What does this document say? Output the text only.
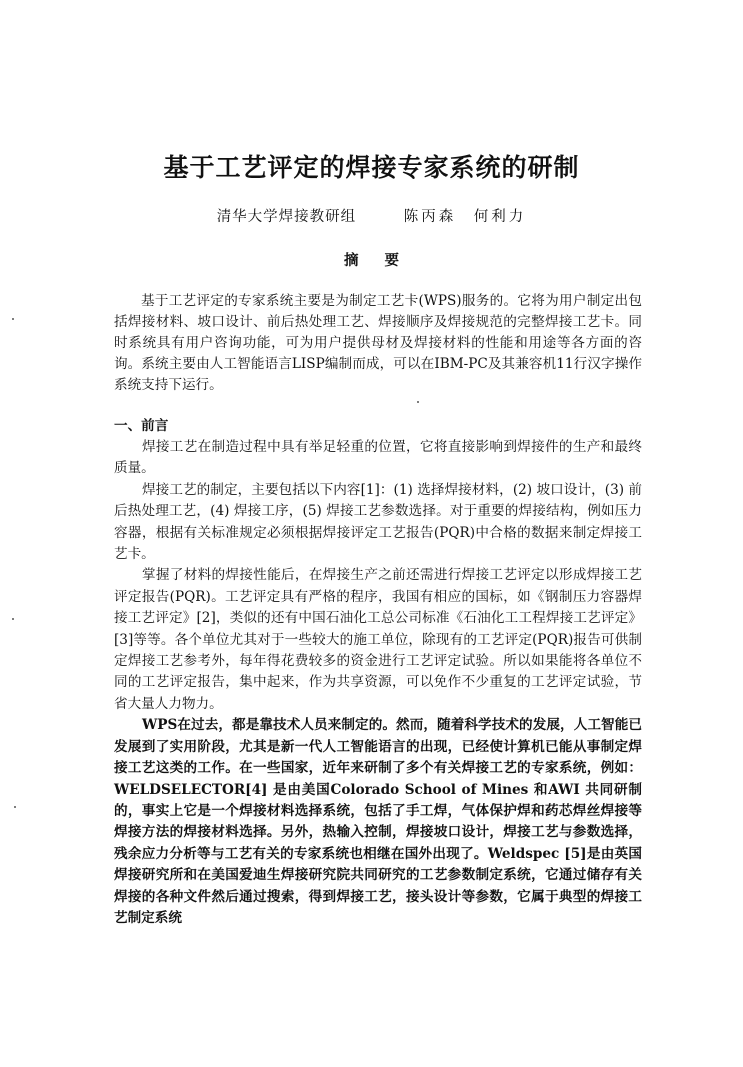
基于工艺评定的焊接专家系统的研制
清华大学焊接教研组	陈丙森　何利力
摘要

基于工艺评定的专家系统主要是为制定工艺卡(WPS)服务的。它将为用户制定出包括焊接材料、坡口设计、前后热处理工艺、焊接顺序及焊接规范的完整焊接工艺卡。同时系统具有用户咨询功能，可为用户提供母材及焊接材料的性能和用途等各方面的咨询。系统主要由人工智能语言LISP编制而成，可以在IBM-PC及其兼容机11行汉字操作系统支持下运行。

一、前言

焊接工艺在制造过程中具有举足轻重的位置，它将直接影响到焊接件的生产和最终质量。

焊接工艺的制定，主要包括以下内容[1]：(1) 选择焊接材料，(2) 坡口设计，(3) 前后热处理工艺，(4) 焊接工序，(5) 焊接工艺参数选择。对于重要的焊接结构，例如压力容器，根据有关标准规定必须根据焊接评定工艺报告(PQR)中合格的数据来制定焊接工艺卡。

掌握了材料的焊接性能后，在焊接生产之前还需进行焊接工艺评定以形成焊接工艺评定报告(PQR)。工艺评定具有严格的程序，我国有相应的国标，如《钢制压力容器焊接工艺评定》[2]，类似的还有中国石油化工总公司标准《石油化工工程焊接工艺评定》[3]等等。各个单位尤其对于一些较大的施工单位，除现有的工艺评定(PQR)报告可供制定焊接工艺参考外，每年得花费较多的资金进行工艺评定试验。所以如果能将各单位不同的工艺评定报告，集中起来，作为共享资源，可以免作不少重复的工艺评定试验，节省大量人力物力。

WPS在过去，都是靠技术人员来制定的。然而，随着科学技术的发展，人工智能已发展到了实用阶段，尤其是新一代人工智能语言的出现，已经使计算机已能从事制定焊接工艺这类的工作。在一些国家，近年来研制了多个有关焊接工艺的专家系统，例如：WELDSELECTOR[4] 是由美国Colorado School of Mines 和AWI 共同研制的，事实上它是一个焊接材料选择系统，包括了手工焊，气体保护焊和药芯焊丝焊接等焊接方法的焊接材料选择。另外，热输入控制，焊接坡口设计，焊接工艺与参数选择，残余应力分析等与工艺有关的专家系统也相继在国外出现了。Weldspec [5]是由英国焊接研究所和在美国爱迪生焊接研究院共同研究的工艺参数制定系统，它通过储存有关焊接的各种文件然后通过搜索，得到焊接工艺，接头设计等参数，它属于典型的焊接工艺制定系统
